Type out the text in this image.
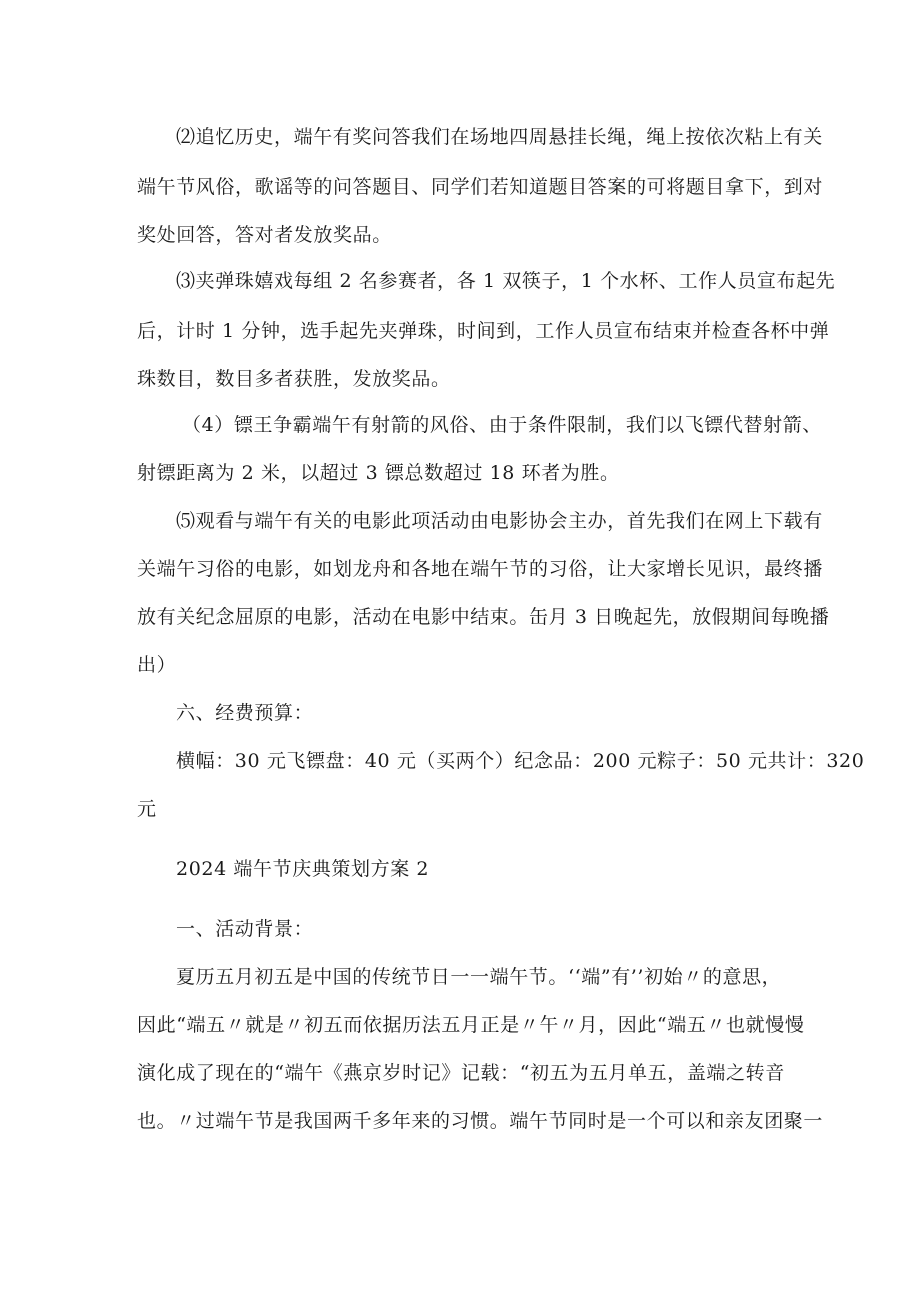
⑵追忆历史，端午有奖问答我们在场地四周悬挂长绳，绳上按依次粘上有关
端午节风俗，歌谣等的问答题目、同学们若知道题目答案的可将题目拿下，到对
奖处回答，答对者发放奖品。
⑶夹弹珠嬉戏每组 2 名参赛者，各 1 双筷子，1 个水杯、工作人员宣布起先
后，计时 1 分钟，选手起先夹弹珠，时间到，工作人员宣布结束并检查各杯中弹
珠数目，数目多者获胜，发放奖品。
（4）镖王争霸端午有射箭的风俗、由于条件限制，我们以飞镖代替射箭、
射镖距离为 2 米，以超过 3 镖总数超过 18 环者为胜。
⑸观看与端午有关的电影此项活动由电影协会主办，首先我们在网上下载有
关端午习俗的电影，如划龙舟和各地在端午节的习俗，让大家增长见识，最终播
放有关纪念屈原的电影，活动在电影中结束。缶月 3 日晚起先，放假期间每晚播
出）
六、经费预算：
横幅：30 元飞镖盘：40 元（买两个）纪念品：200 元粽子：50 元共计：320
元
2024 端午节庆典策划方案 2
一、活动背景：
夏历五月初五是中国的传统节日一一端午节。‘‘端”有’’初始〃的意思，
因此“端五〃就是〃初五而依据历法五月正是〃午〃月，因此“端五〃也就慢慢
演化成了现在的“端午《燕京岁时记》记载：“初五为五月单五，盖端之转音
也。〃过端午节是我国两千多年来的习惯。端午节同时是一个可以和亲友团聚一
